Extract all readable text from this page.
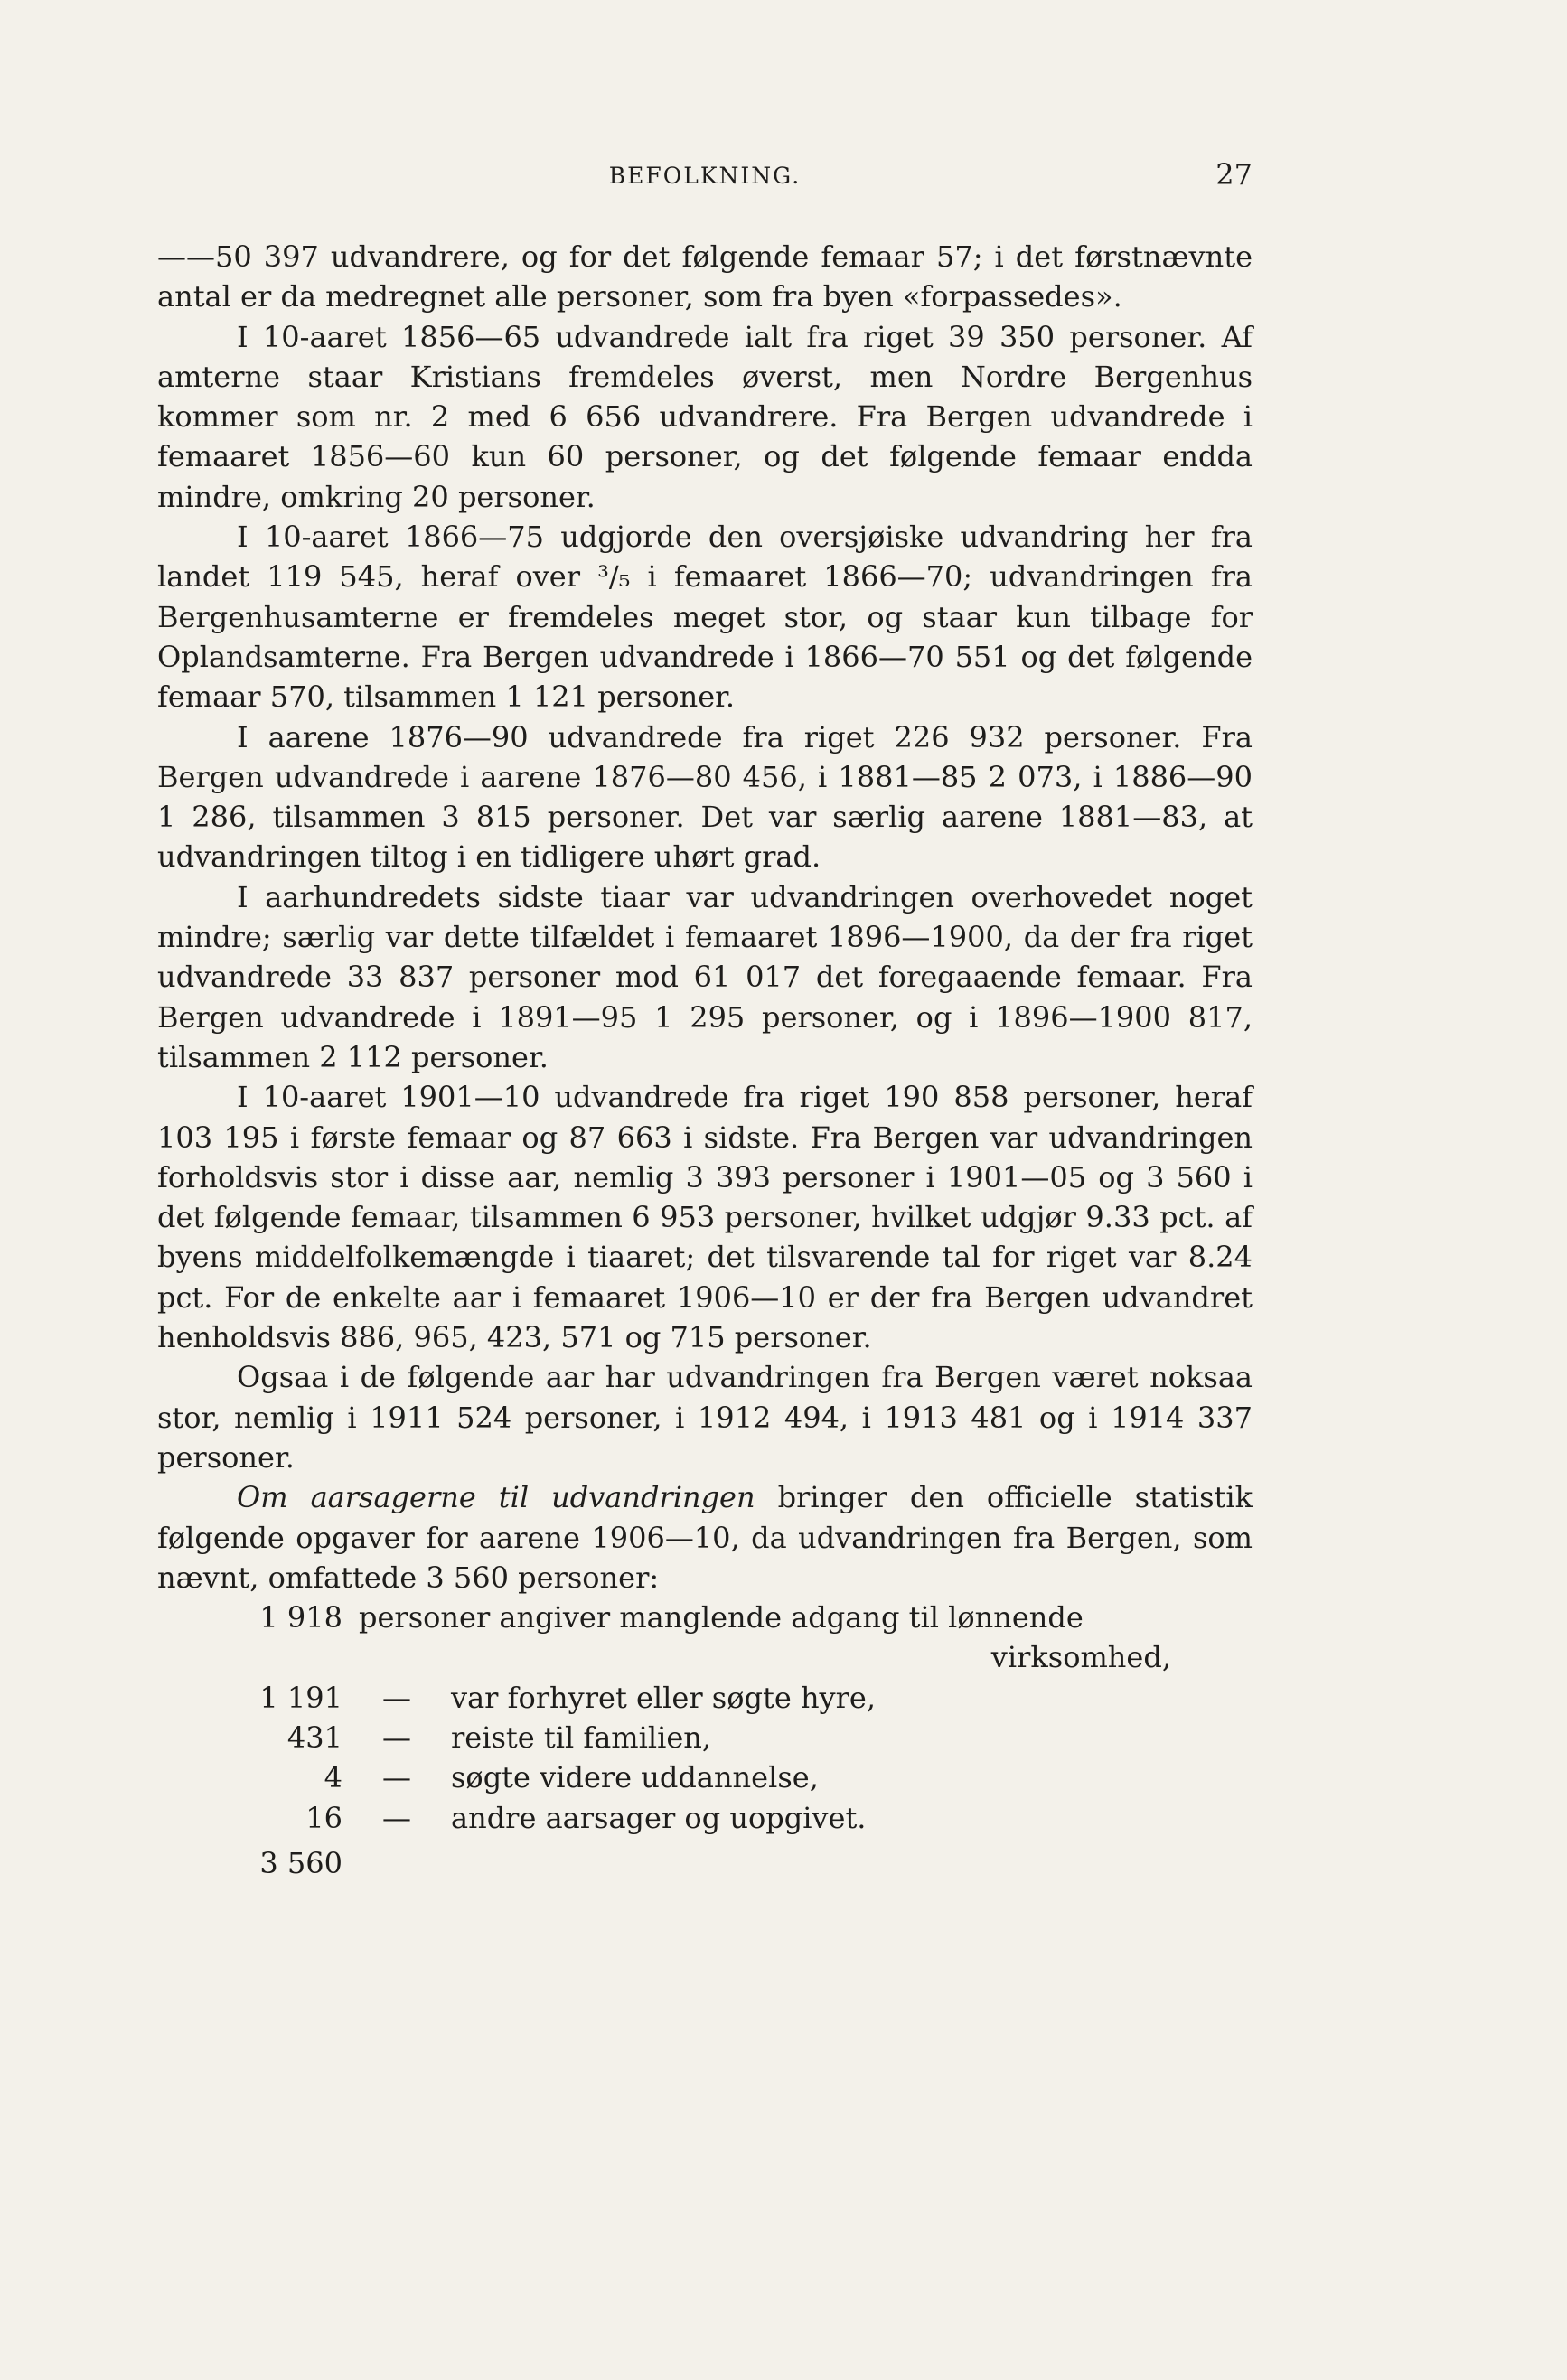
BEFOLKNING.	27

——50 397 udvandrere, og for det følgende femaar 57; i det førstnævnte antal er da medregnet alle personer, som fra byen «forpassedes».

I 10-aaret 1856—65 udvandrede ialt fra riget 39 350 personer. Af amterne staar Kristians fremdeles øverst, men Nordre Bergenhus kommer som nr. 2 med 6 656 udvandrere. Fra Bergen udvandrede i femaaret 1856—60 kun 60 personer, og det følgende femaar endda mindre, omkring 20 personer.

I 10-aaret 1866—75 udgjorde den oversjøiske udvandring her fra landet 119 545, heraf over ³/₅ i femaaret 1866—70; udvandringen fra Bergenhusamterne er fremdeles meget stor, og staar kun tilbage for Oplandsamterne. Fra Bergen udvandrede i 1866—70 551 og det følgende femaar 570, tilsammen 1 121 personer.

I aarene 1876—90 udvandrede fra riget 226 932 personer. Fra Bergen udvandrede i aarene 1876—80 456, i 1881—85 2 073, i 1886—90 1 286, tilsammen 3 815 personer. Det var særlig aarene 1881—83, at udvandringen tiltog i en tidligere uhørt grad.

I aarhundredets sidste tiaar var udvandringen overhovedet noget mindre; særlig var dette tilfældet i femaaret 1896—1900, da der fra riget udvandrede 33 837 personer mod 61 017 det foregaaende femaar. Fra Bergen udvandrede i 1891—95 1 295 personer, og i 1896—1900 817, tilsammen 2 112 personer.

I 10-aaret 1901—10 udvandrede fra riget 190 858 personer, heraf 103 195 i første femaar og 87 663 i sidste. Fra Bergen var udvandringen forholdsvis stor i disse aar, nemlig 3 393 personer i 1901—05 og 3 560 i det følgende femaar, tilsammen 6 953 personer, hvilket udgjør 9.33 pct. af byens middelfolkemængde i tiaaret; det tilsvarende tal for riget var 8.24 pct. For de enkelte aar i femaaret 1906—10 er der fra Bergen udvandret henholdsvis 886, 965, 423, 571 og 715 personer.

Ogsaa i de følgende aar har udvandringen fra Bergen været noksaa stor, nemlig i 1911 524 personer, i 1912 494, i 1913 481 og i 1914 337 personer.

Om aarsagerne til udvandringen bringer den officielle statistik følgende opgaver for aarene 1906—10, da udvandringen fra Bergen, som nævnt, omfattede 3 560 personer:

1 918 personer angiver manglende adgang til lønnende
virksomhed,
1 191	—	var forhyret eller søgte hyre,
431	—	reiste til familien,
4	—	søgte videre uddannelse,
16	—	andre aarsager og uopgivet.
3 560
